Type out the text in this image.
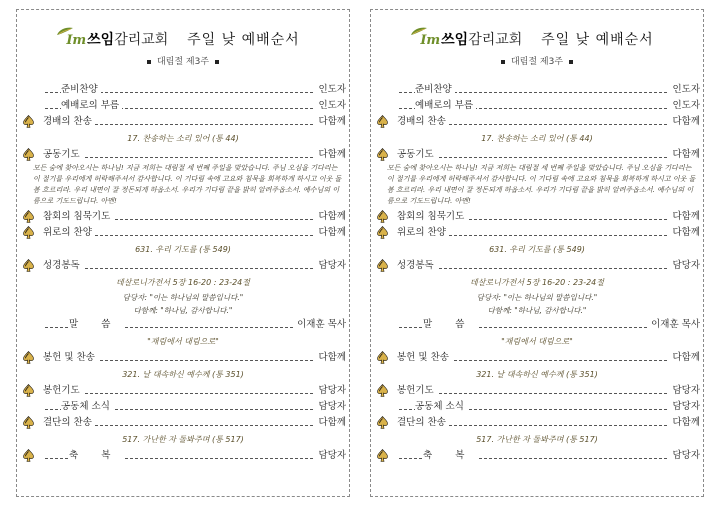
Im쓰임감리교회 주일 낮 예배순서
대림절 제3주
준비찬양	인도자
예배로의 부름	인도자
경배의 찬송	다함께
17. 찬송하는 소리 있어 (통 44)
공동기도	다함께
모든 숨에 찾아오시는 하나님! 지금 저희는 대림절 세 번째 주일을 맞았습니다. 주님 오심을 기다리는 이 절기를 우리에게 허락해주셔서 감사합니다. 이 기다림 속에 고요와 침묵을 회복하게 하시고 이웃 돌봄 흐르리라. 우리 내면이 잘 정돈되게 하옵소서. 우리가 기다림 끝을 밝히 알려주옵소서. 예수님의 이름으로 기도드립니다. 아멘!
참회의 침묵기도	다함께
위로의 찬양	다함께
631. 우리 기도를 (통 549)
성경봉독	담당자
데살로니가전서 5장 16-20 : 23-24절
담당자: "이는 하나님의 말씀입니다."
다함께: "하나님, 감사합니다."
말 씀	이재훈 목사
"재림에서 대림으로"
봉헌 및 찬송	다함께
321. 날 대속하신 예수께 (통 351)
봉헌기도	담당자
공동체 소식	담당자
결단의 찬송	다함께
517. 가난한 자 돌봐주며 (통 517)
축 복	담당자
Im쓰임감리교회 주일 낮 예배순서
대림절 제3주
준비찬양	인도자
예배로의 부름	인도자
경배의 찬송	다함께
17. 찬송하는 소리 있어 (통 44)
공동기도	다함께
모든 숨에 찾아오시는 하나님! 지금 저희는 대림절 세 번째 주일을 맞았습니다. 주님 오심을 기다리는 이 절기를 우리에게 허락해주셔서 감사합니다. 이 기다림 속에 고요와 침묵을 회복하게 하시고 이웃 돌봄 흐르리라. 우리 내면이 잘 정돈되게 하옵소서. 우리가 기다림 끝을 밝히 알려주옵소서. 예수님의 이름으로 기도드립니다. 아멘!
참회의 침묵기도	다함께
위로의 찬양	다함께
631. 우리 기도를 (통 549)
성경봉독	담당자
데살로니가전서 5장 16-20 : 23-24절
담당자: "이는 하나님의 말씀입니다."
다함께: "하나님, 감사합니다."
말 씀	이재훈 목사
"재림에서 대림으로"
봉헌 및 찬송	다함께
321. 날 대속하신 예수께 (통 351)
봉헌기도	담당자
공동체 소식	담당자
결단의 찬송	다함께
517. 가난한 자 돌봐주며 (통 517)
축 복	담당자
